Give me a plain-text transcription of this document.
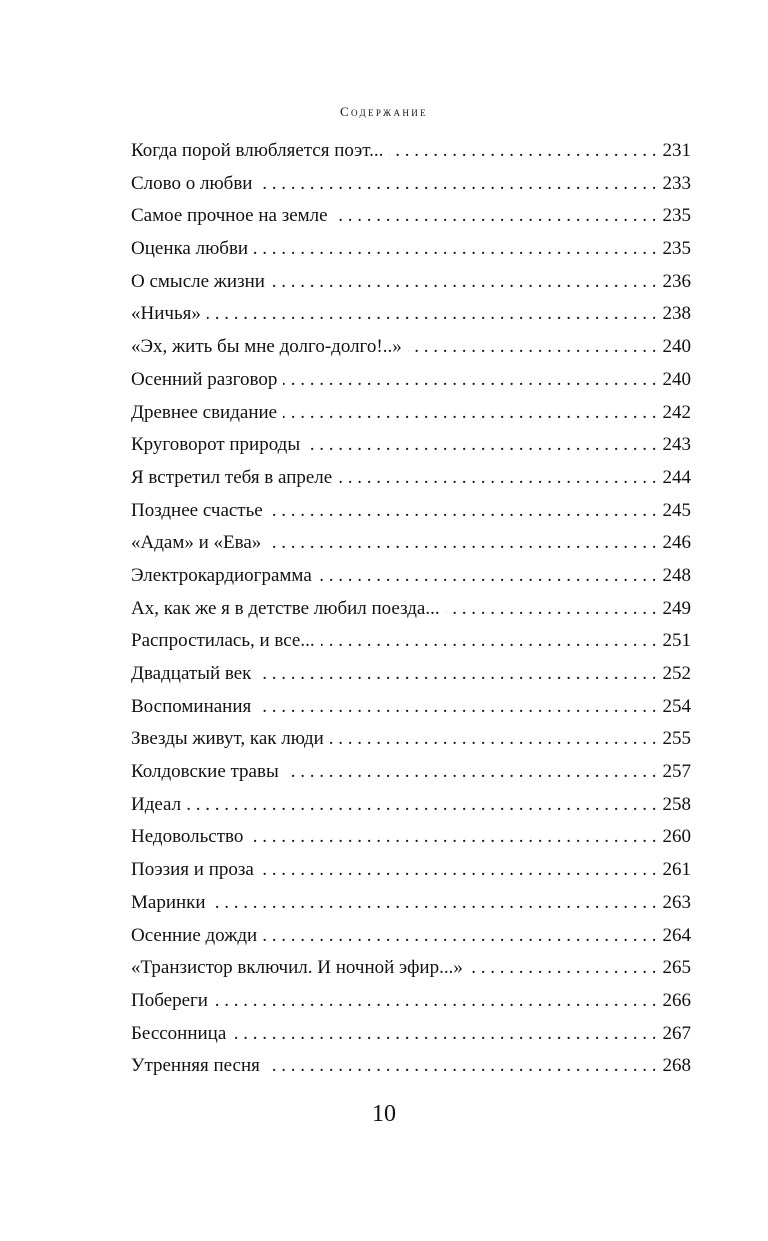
Содержание
Когда порой влюбляется поэт... . . .	231
Слово о любви . . .	233
Самое прочное на земле . . .	235
Оценка любви . . .	235
О смысле жизни . . .	236
«Ничья» . . .	238
«Эх, жить бы мне долго-долго!..» . . .	240
Осенний разговор . . .	240
Древнее свидание . . .	242
Круговорот природы . . .	243
Я встретил тебя в апреле . . .	244
Позднее счастье . . .	245
«Адам» и «Ева» . . .	246
Электрокардиограмма . . .	248
Ах, как же я в детстве любил поезда... . . .	249
Распростилась, и все... . . .	251
Двадцатый век . . .	252
Воспоминания . . .	254
Звезды живут, как люди . . .	255
Колдовские травы . . .	257
Идеал . . .	258
Недовольство . . .	260
Поэзия и проза . . .	261
Маринки . . .	263
Осенние дожди . . .	264
«Транзистор включил. И ночной эфир...» . . .	265
Побереги . . .	266
Бессонница . . .	267
Утренняя песня . . .	268
10
